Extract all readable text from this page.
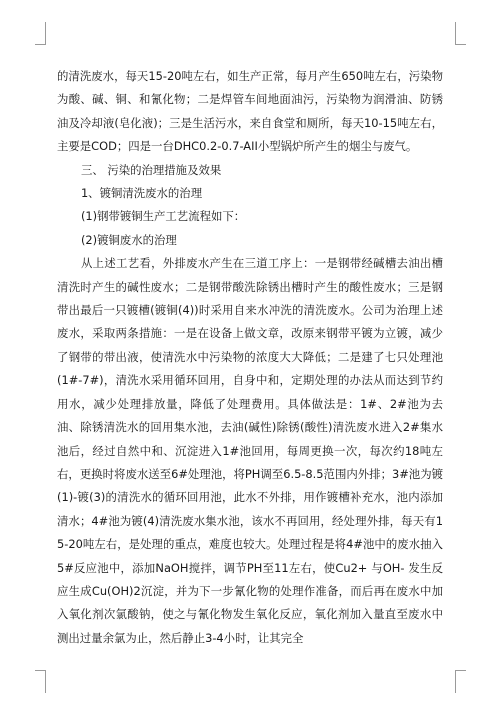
的清洗废水，每天15-20吨左右，如生产正常，每月产生650吨左右，污染物为酸、碱、铜、和氰化物；二是焊管车间地面油污，污染物为润滑油、防锈油及冷却液(皂化液)；三是生活污水，来自食堂和厕所，每天10-15吨左右，主要是COD；四是一台DHC0.2-0.7-AII小型锅炉所产生的烟尘与废气。

三、 污染的治理措施及效果

1、镀铜清洗废水的治理

(1)钢带镀铜生产工艺流程如下：

(2)镀铜废水的治理

从上述工艺看，外排废水产生在三道工序上：一是钢带经碱槽去油出槽清洗时产生的碱性废水；二是钢带酸洗除锈出槽时产生的酸性废水；三是钢带出最后一只镀槽(镀铜(4))时采用自来水冲洗的清洗废水。公司为治理上述废水，采取两条措施：一是在设备上做文章，改原来钢带平镀为立镀，减少了钢带的带出液，使清洗水中污染物的浓度大大降低；二是建了七只处理池(1#-7#)，清洗水采用循环回用，自身中和，定期处理的办法从而达到节约用水，减少处理排放量，降低了处理费用。具体做法是：1#、2#池为去油、除锈清洗水的回用集水池，去油(碱性)除锈(酸性)清洗废水进入2#集水池后，经过自然中和、沉淀进入1#池回用，每周更换一次，每次约18吨左右，更换时将废水送至6#处理池，将PH调至6.5-8.5范围内外排；3#池为镀(1)-镀(3)的清洗水的循环回用池，此水不外排，用作镀槽补充水，池内添加清水；4#池为镀(4)清洗废水集水池，该水不再回用，经处理外排，每天有15-20吨左右，是处理的重点，难度也较大。处理过程是将4#池中的废水抽入5#反应池中，添加NaOH搅拌，调节PH至11左右，使Cu2+ 与OH- 发生反应生成Cu(OH)2沉淀，并为下一步氰化物的处理作准备，而后再在废水中加入氧化剂次氯酸钠，使之与氰化物发生氧化反应，氧化剂加入量直至废水中测出过量余氯为止，然后静止3-4小时，让其完全
